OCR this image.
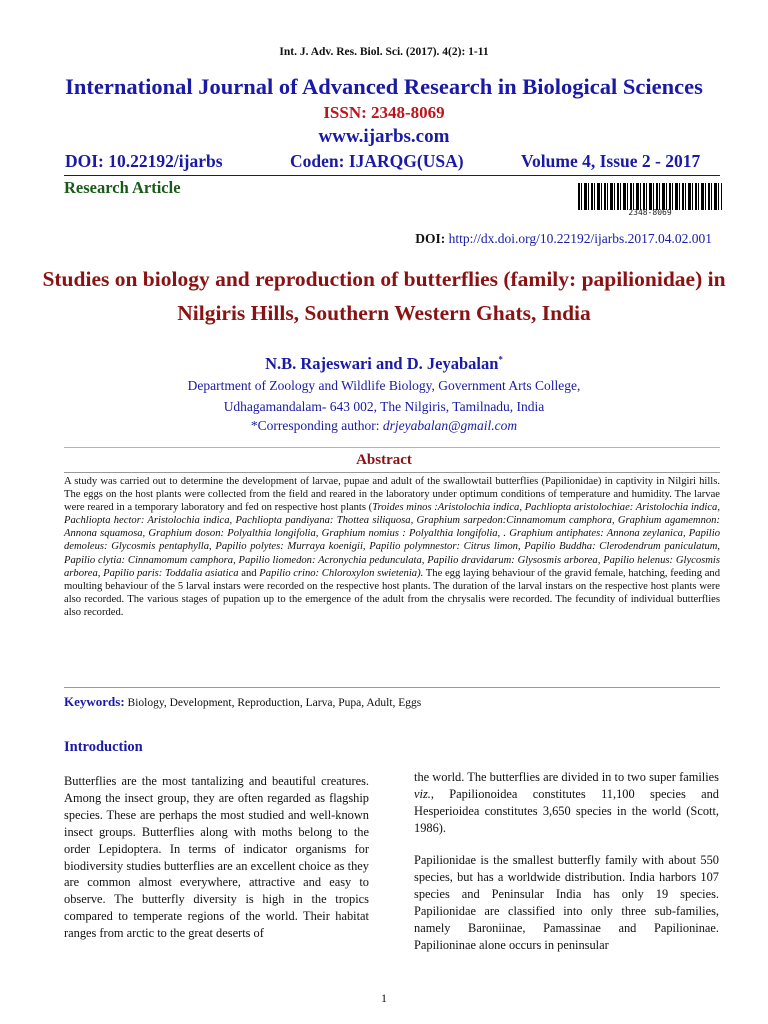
Int. J. Adv. Res. Biol. Sci. (2017). 4(2): 1-11
International Journal of Advanced Research in Biological Sciences
ISSN: 2348-8069
www.ijarbs.com
DOI: 10.22192/ijarbs	Coden: IJARQG(USA)	Volume 4, Issue 2 - 2017
Research Article
2348-8069
DOI: http://dx.doi.org/10.22192/ijarbs.2017.04.02.001
Studies on biology and reproduction of butterflies (family: papilionidae) in Nilgiris Hills, Southern Western Ghats, India
N.B. Rajeswari and D. Jeyabalan*
Department of Zoology and Wildlife Biology, Government Arts College,
Udhagamandalam- 643 002, The Nilgiris, Tamilnadu, India
*Corresponding author: drjeyabalan@gmail.com
Abstract
A study was carried out to determine the development of larvae, pupae and adult of the swallowtail butterflies (Papilionidae) in captivity in Nilgiri hills. The eggs on the host plants were collected from the field and reared in the laboratory under optimum conditions of temperature and humidity. The larvae were reared in a temporary laboratory and fed on respective host plants (Troides minos :Aristolochia indica, Pachliopta aristolochiae: Aristolochia indica, Pachliopta hector: Aristolochia indica, Pachliopta pandiyana: Thottea siliquosa, Graphium sarpedon:Cinnamomum camphora, Graphium agamemnon: Annona squamosa, Graphium doson: Polyalthia longifolia, Graphium nomius : Polyalthia longifolia, . Graphium antiphates: Annona zeylanica, Papilio demoleus: Glycosmis pentaphylla, Papilio polytes: Murraya koenigii, Papilio polymnestor: Citrus limon, Papilio Buddha: Clerodendrum paniculatum, Papilio clytia: Cinnamomum camphora, Papilio liomedon: Acronychia pedunculata, Papilio dravidarum: Glysosmis arborea, Papilio helenus: Glycosmis arborea, Papilio paris: Toddalia asiatica and Papilio crino: Chloroxylon swietenia). The egg laying behaviour of the gravid female, hatching, feeding and moulting behaviour of the 5 larval instars were recorded on the respective host plants. The duration of the larval instars on the respective host plants were also recorded. The various stages of pupation up to the emergence of the adult from the chrysalis were recorded. The fecundity of individual butterflies also recorded.
Keywords: Biology, Development, Reproduction, Larva, Pupa, Adult, Eggs
Introduction
Butterflies are the most tantalizing and beautiful creatures. Among the insect group, they are often regarded as flagship species. These are perhaps the most studied and well-known insect groups. Butterflies along with moths belong to the order Lepidoptera. In terms of indicator organisms for biodiversity studies butterflies are an excellent choice as they are common almost everywhere, attractive and easy to observe. The butterfly diversity is high in the tropics compared to temperate regions of the world. Their habitat ranges from arctic to the great deserts of
the world. The butterflies are divided in to two super families viz., Papilionoidea constitutes 11,100 species and Hesperioidea constitutes 3,650 species in the world (Scott, 1986).
Papilionidae is the smallest butterfly family with about 550 species, but has a worldwide distribution. India harbors 107 species and Peninsular India has only 19 species. Papilionidae are classified into only three sub-families, namely Baroniinae, Pamassinae and Papilioninae. Papilioninae alone occurs in peninsular
1
